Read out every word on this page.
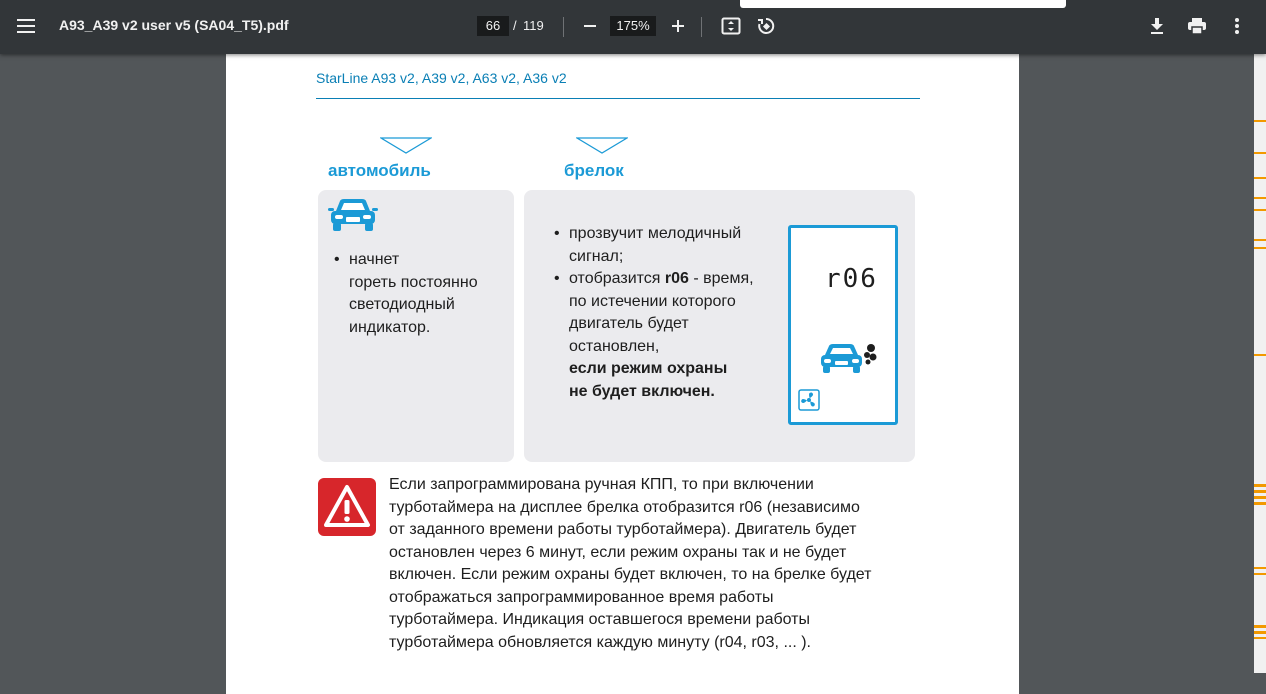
A93_A39 v2 user v5 (SA04_T5).pdf	66 / 119	175%
StarLine A93 v2, A39 v2, A63 v2, A36 v2
автомобиль	брелок
• начнет
гореть постоянно
светодиодный
индикатор.
•
•
прозвучит мелодичный
сигнал;
отобразится r06 - время,
по истечении которого
двигатель будет
остановлен,
если режим охраны
не будет включен.
r06
Если запрограммирована ручная КПП, то при включении
турботаймера на дисплее брелка отобразится r06 (независимо
от заданного времени работы турботаймера). Двигатель будет
остановлен через 6 минут, если режим охраны так и не будет
включен. Если режим охраны будет включен, то на брелке будет
отображаться запрограммированное время работы
турботаймера. Индикация оставшегося времени работы
турботаймера обновляется каждую минуту (r04, r03, ... ).
